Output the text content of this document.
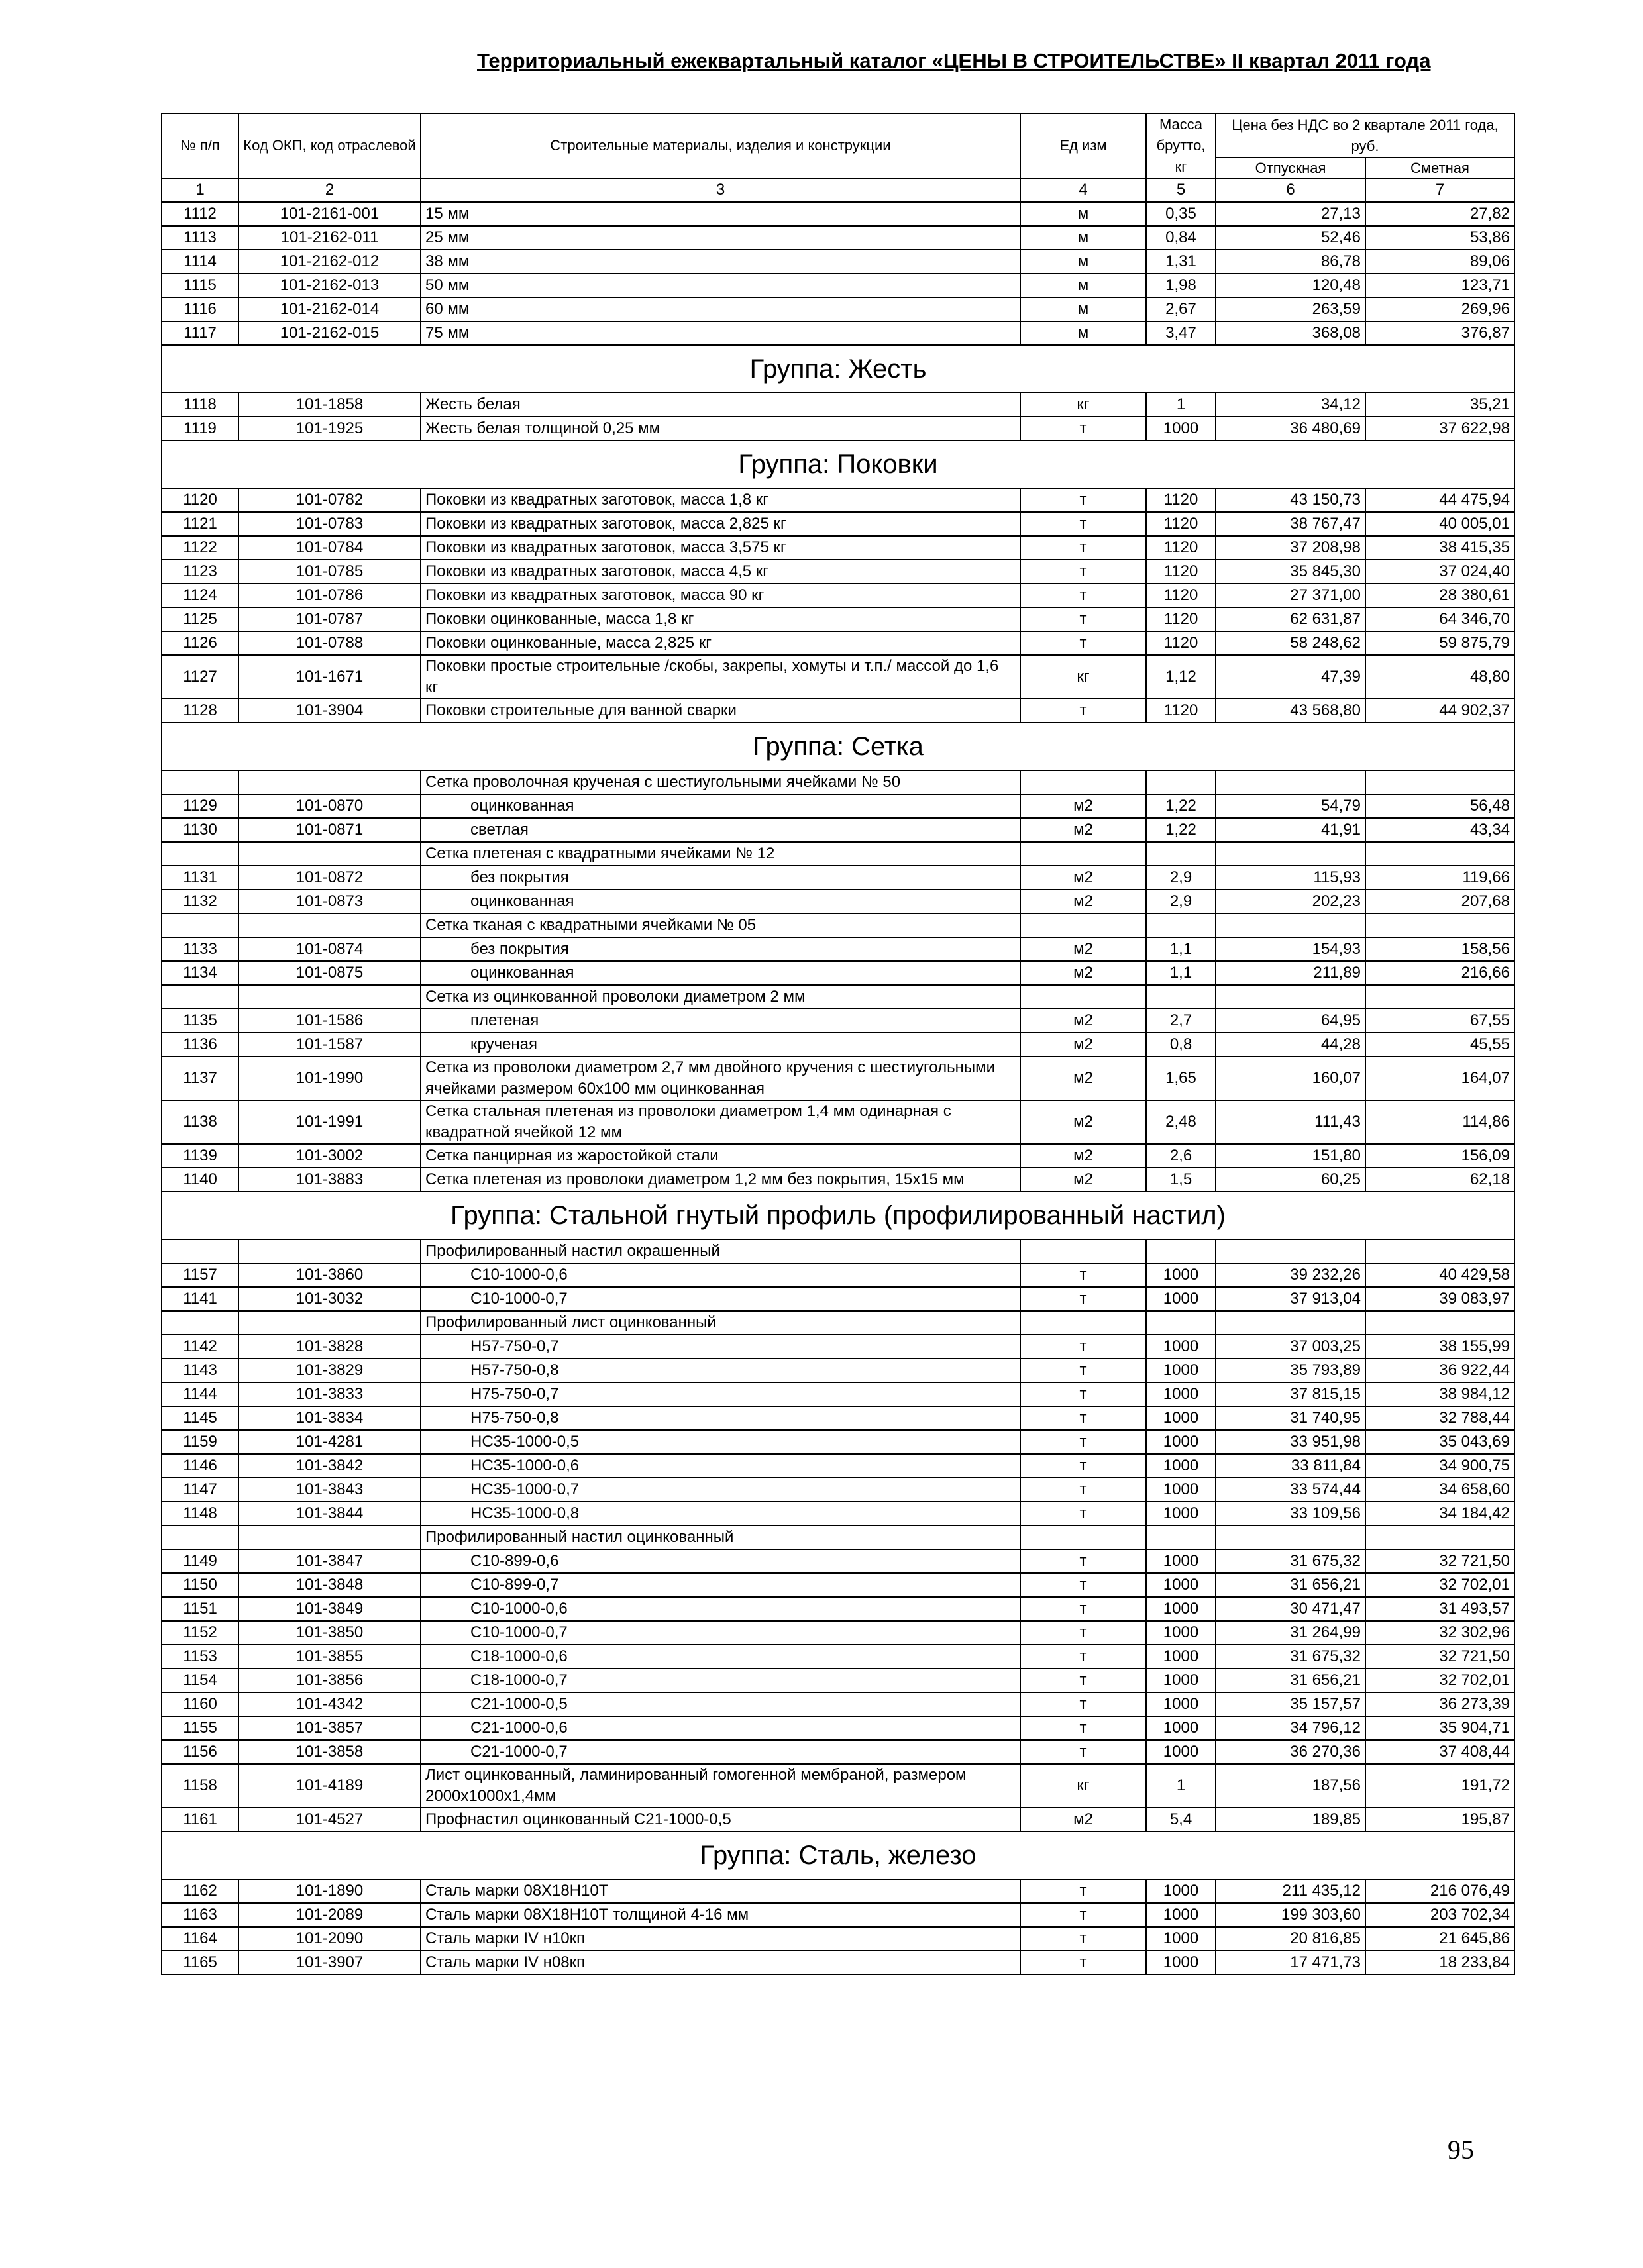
Территориальный ежеквартальный каталог «ЦЕНЫ В СТРОИТЕЛЬСТВЕ» II квартал 2011 года
№ п/п	Код ОКП, код отраслевой	Строительные материалы, изделия и конструкции	Ед изм	Масса брутто, кг	Цена без НДС во 2 квартале 2011 года, руб.	
					Отпускная	Сметная
1	2	3	4	5	6	7
1112	101-2161-001	15 мм	м	0,35	27,13	27,82
1113	101-2162-011	25 мм	м	0,84	52,46	53,86
1114	101-2162-012	38 мм	м	1,31	86,78	89,06
1115	101-2162-013	50 мм	м	1,98	120,48	123,71
1116	101-2162-014	60 мм	м	2,67	263,59	269,96
1117	101-2162-015	75 мм	м	3,47	368,08	376,87
Группа: Жесть						
1118	101-1858	Жесть белая	кг	1	34,12	35,21
1119	101-1925	Жесть белая толщиной 0,25 мм	т	1000	36 480,69	37 622,98
Группа: Поковки						
1120	101-0782	Поковки из квадратных заготовок, масса 1,8 кг	т	1120	43 150,73	44 475,94
1121	101-0783	Поковки из квадратных заготовок, масса 2,825 кг	т	1120	38 767,47	40 005,01
1122	101-0784	Поковки из квадратных заготовок, масса 3,575 кг	т	1120	37 208,98	38 415,35
1123	101-0785	Поковки из квадратных заготовок, масса 4,5 кг	т	1120	35 845,30	37 024,40
1124	101-0786	Поковки из квадратных заготовок, масса 90 кг	т	1120	27 371,00	28 380,61
1125	101-0787	Поковки оцинкованные, масса 1,8 кг	т	1120	62 631,87	64 346,70
1126	101-0788	Поковки оцинкованные, масса 2,825 кг	т	1120	58 248,62	59 875,79
1127	101-1671	Поковки простые строительные /скобы, закрепы, хомуты и т.п./ массой до 1,6 кг	кг	1,12	47,39	48,80
1128	101-3904	Поковки строительные для ванной сварки	т	1120	43 568,80	44 902,37
Группа: Сетка						
		Сетка проволочная крученая с шестиугольными ячейками № 50				
1129	101-0870	оцинкованная	м2	1,22	54,79	56,48
1130	101-0871	светлая	м2	1,22	41,91	43,34
		Сетка плетеная с квадратными ячейками № 12				
1131	101-0872	без покрытия	м2	2,9	115,93	119,66
1132	101-0873	оцинкованная	м2	2,9	202,23	207,68
		Сетка тканая с квадратными ячейками № 05				
1133	101-0874	без покрытия	м2	1,1	154,93	158,56
1134	101-0875	оцинкованная	м2	1,1	211,89	216,66
		Сетка из оцинкованной проволоки диаметром 2 мм				
1135	101-1586	плетеная	м2	2,7	64,95	67,55
1136	101-1587	крученая	м2	0,8	44,28	45,55
1137	101-1990	Сетка из проволоки диаметром 2,7 мм двойного кручения с шестиугольными ячейками размером 60х100 мм оцинкованная	м2	1,65	160,07	164,07
1138	101-1991	Сетка стальная плетеная из проволоки диаметром 1,4 мм одинарная с квадратной ячейкой 12 мм	м2	2,48	111,43	114,86
1139	101-3002	Сетка панцирная из жаростойкой стали	м2	2,6	151,80	156,09
1140	101-3883	Сетка плетеная из проволоки диаметром 1,2 мм без покрытия, 15х15 мм	м2	1,5	60,25	62,18
Группа: Стальной гнутый профиль (профилированный настил)						
		Профилированный настил окрашенный				
1157	101-3860	С10-1000-0,6	т	1000	39 232,26	40 429,58
1141	101-3032	С10-1000-0,7	т	1000	37 913,04	39 083,97
		Профилированный лист оцинкованный				
1142	101-3828	Н57-750-0,7	т	1000	37 003,25	38 155,99
1143	101-3829	Н57-750-0,8	т	1000	35 793,89	36 922,44
1144	101-3833	Н75-750-0,7	т	1000	37 815,15	38 984,12
1145	101-3834	Н75-750-0,8	т	1000	31 740,95	32 788,44
1159	101-4281	НС35-1000-0,5	т	1000	33 951,98	35 043,69
1146	101-3842	НС35-1000-0,6	т	1000	33 811,84	34 900,75
1147	101-3843	НС35-1000-0,7	т	1000	33 574,44	34 658,60
1148	101-3844	НС35-1000-0,8	т	1000	33 109,56	34 184,42
		Профилированный настил оцинкованный				
1149	101-3847	С10-899-0,6	т	1000	31 675,32	32 721,50
1150	101-3848	С10-899-0,7	т	1000	31 656,21	32 702,01
1151	101-3849	С10-1000-0,6	т	1000	30 471,47	31 493,57
1152	101-3850	С10-1000-0,7	т	1000	31 264,99	32 302,96
1153	101-3855	С18-1000-0,6	т	1000	31 675,32	32 721,50
1154	101-3856	С18-1000-0,7	т	1000	31 656,21	32 702,01
1160	101-4342	С21-1000-0,5	т	1000	35 157,57	36 273,39
1155	101-3857	С21-1000-0,6	т	1000	34 796,12	35 904,71
1156	101-3858	С21-1000-0,7	т	1000	36 270,36	37 408,44
1158	101-4189	Лист оцинкованный, ламинированный гомогенной мембраной, размером 2000х1000х1,4мм	кг	1	187,56	191,72
1161	101-4527	Профнастил оцинкованный С21-1000-0,5	м2	5,4	189,85	195,87
Группа: Сталь, железо						
1162	101-1890	Сталь марки 08Х18Н10Т	т	1000	211 435,12	216 076,49
1163	101-2089	Сталь марки 08Х18Н10Т толщиной 4-16 мм	т	1000	199 303,60	203 702,34
1164	101-2090	Сталь марки IV н10кп	т	1000	20 816,85	21 645,86
1165	101-3907	Сталь марки IV н08кп	т	1000	17 471,73	18 233,84
95
